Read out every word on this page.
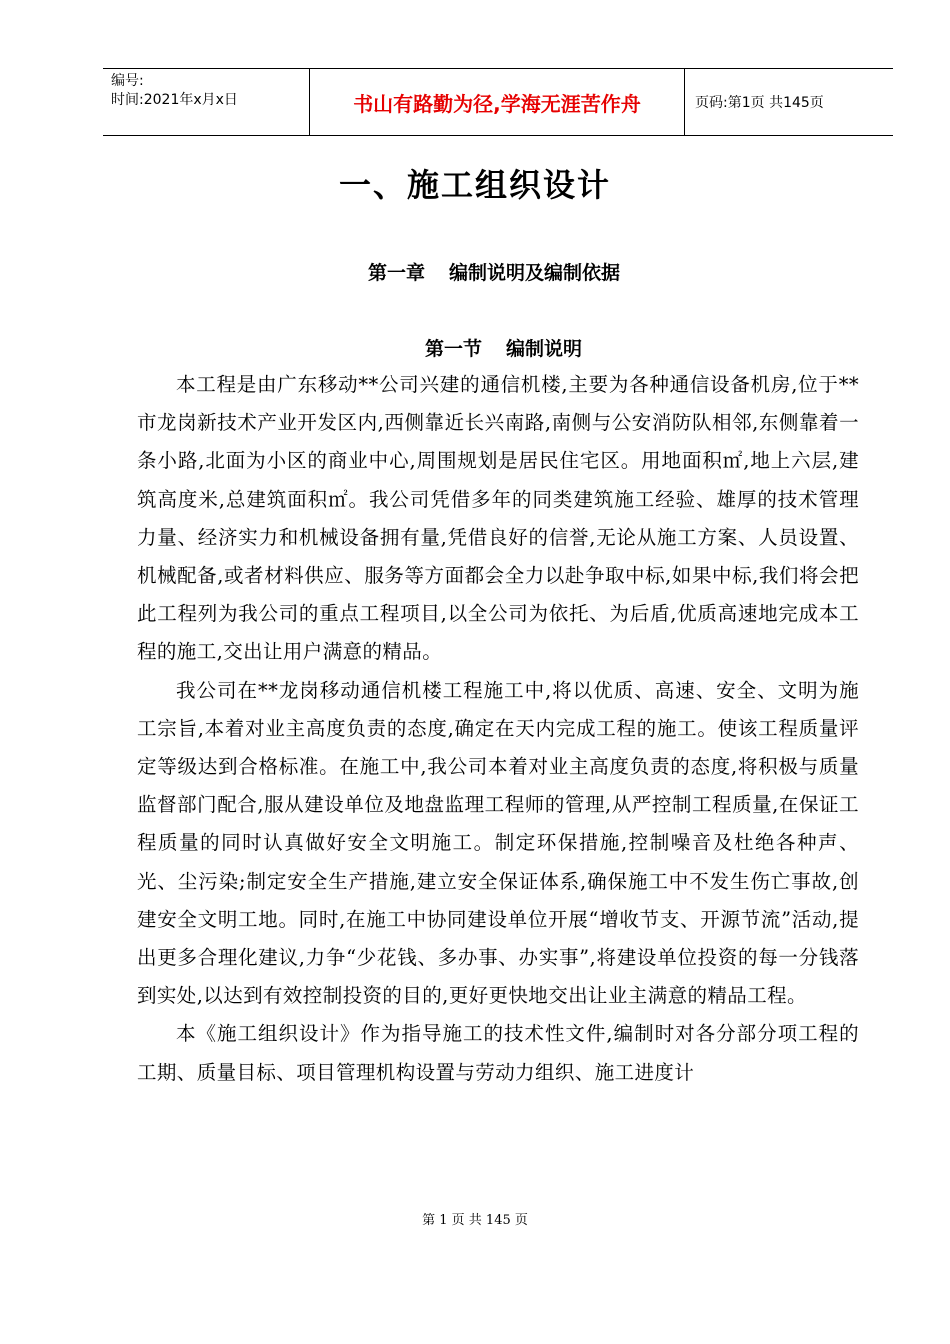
编号:
时间:2021年x月x日	书山有路勤为径,学海无涯苦作舟	页码:第1页 共145页
一、施工组织设计
第一章 编制说明及编制依据
第一节 编制说明

本工程是由广东移动**公司兴建的通信机楼,主要为各种通信设备机房,位于**市龙岗新技术产业开发区内,西侧靠近长兴南路,南侧与公安消防队相邻,东侧靠着一条小路,北面为小区的商业中心,周围规划是居民住宅区。用地面积㎡,地上六层,建筑高度米,总建筑面积㎡。我公司凭借多年的同类建筑施工经验、雄厚的技术管理力量、经济实力和机械设备拥有量,凭借良好的信誉,无论从施工方案、人员设置、机械配备,或者材料供应、服务等方面都会全力以赴争取中标,如果中标,我们将会把此工程列为我公司的重点工程项目,以全公司为依托、为后盾,优质高速地完成本工程的施工,交出让用户满意的精品。

我公司在**龙岗移动通信机楼工程施工中,将以优质、高速、安全、文明为施工宗旨,本着对业主高度负责的态度,确定在天内完成工程的施工。使该工程质量评定等级达到合格标准。在施工中,我公司本着对业主高度负责的态度,将积极与质量监督部门配合,服从建设单位及地盘监理工程师的管理,从严控制工程质量,在保证工程质量的同时认真做好安全文明施工。制定环保措施,控制噪音及杜绝各种声、光、尘污染;制定安全生产措施,建立安全保证体系,确保施工中不发生伤亡事故,创建安全文明工地。同时,在施工中协同建设单位开展“增收节支、开源节流”活动,提出更多合理化建议,力争“少花钱、多办事、办实事”,将建设单位投资的每一分钱落到实处,以达到有效控制投资的目的,更好更快地交出让业主满意的精品工程。

本《施工组织设计》作为指导施工的技术性文件,编制时对各分部分项工程的工期、质量目标、项目管理机构设置与劳动力组织、施工进度计

第 1 页 共 145 页
